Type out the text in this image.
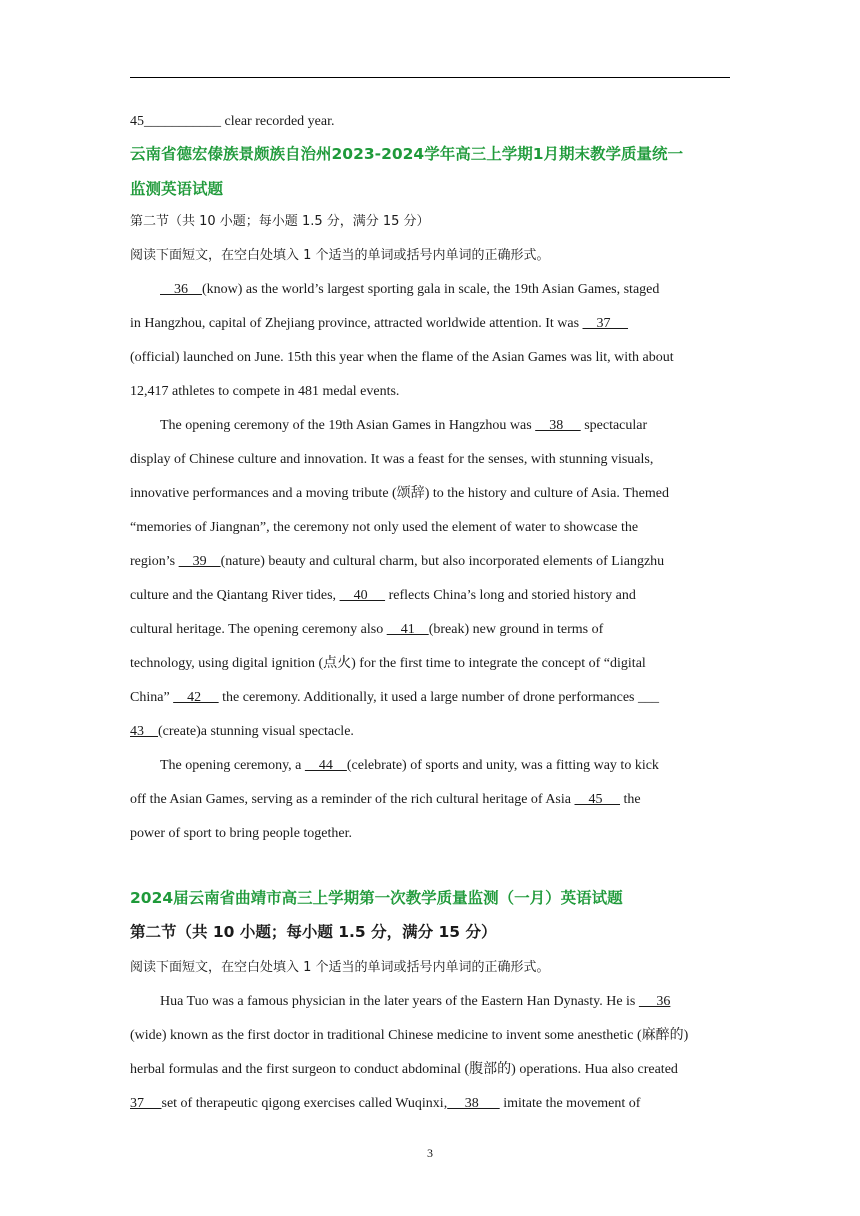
45___________ clear recorded year.
云南省德宏傣族景颇族自治州2023-2024学年高三上学期1月期末教学质量统一
监测英语试题
第二节（共 10 小题；每小题 1.5 分，满分 15 分）
阅读下面短文，在空白处填入 1 个适当的单词或括号内单词的正确形式。
36    (know) as the world’s largest sporting gala in scale, the 19th Asian Games, staged
in Hangzhou, capital of Zhejiang province, attracted worldwide attention. It was     37
(official) launched on June. 15th this year when the flame of the Asian Games was lit, with about
12,417 athletes to compete in 481 medal events.
The opening ceremony of the 19th Asian Games in Hangzhou was     38      spectacular
display of Chinese culture and innovation. It was a feast for the senses, with stunning visuals,
innovative performances and a moving tribute (颂辞) to the history and culture of Asia. Themed
“memories of Jiangnan”, the ceremony not only used the element of water to showcase the
region’s     39    (nature) beauty and cultural charm, but also incorporated elements of Liangzhu
culture and the Qiantang River tides,     40      reflects China’s long and storied history and
cultural heritage. The opening ceremony also     41    (break) new ground in terms of
technology, using digital ignition (点火) for the first time to integrate the concept of “digital
China”     42      the ceremony. Additionally, it used a large number of drone performances ___
43    (create)a stunning visual spectacle.
The opening ceremony, a     44    (celebrate) of sports and unity, was a fitting way to kick
off the Asian Games, serving as a reminder of the rich cultural heritage of Asia     45      the
power of sport to bring people together.
2024届云南省曲靖市高三上学期第一次教学质量监测（一月）英语试题
第二节（共 10 小题；每小题 1.5 分，满分 15 分）
阅读下面短文，在空白处填入 1 个适当的单词或括号内单词的正确形式。
Hua Tuo was a famous physician in the later years of the Eastern Han Dynasty. He is      36
(wide) known as the first doctor in traditional Chinese medicine to invent some anesthetic (麻醉的)
herbal formulas and the first surgeon to conduct abdominal (腹部的) operations. Hua also created
37     set of therapeutic qigong exercises called Wuqinxi,     38       imitate the movement of
3
